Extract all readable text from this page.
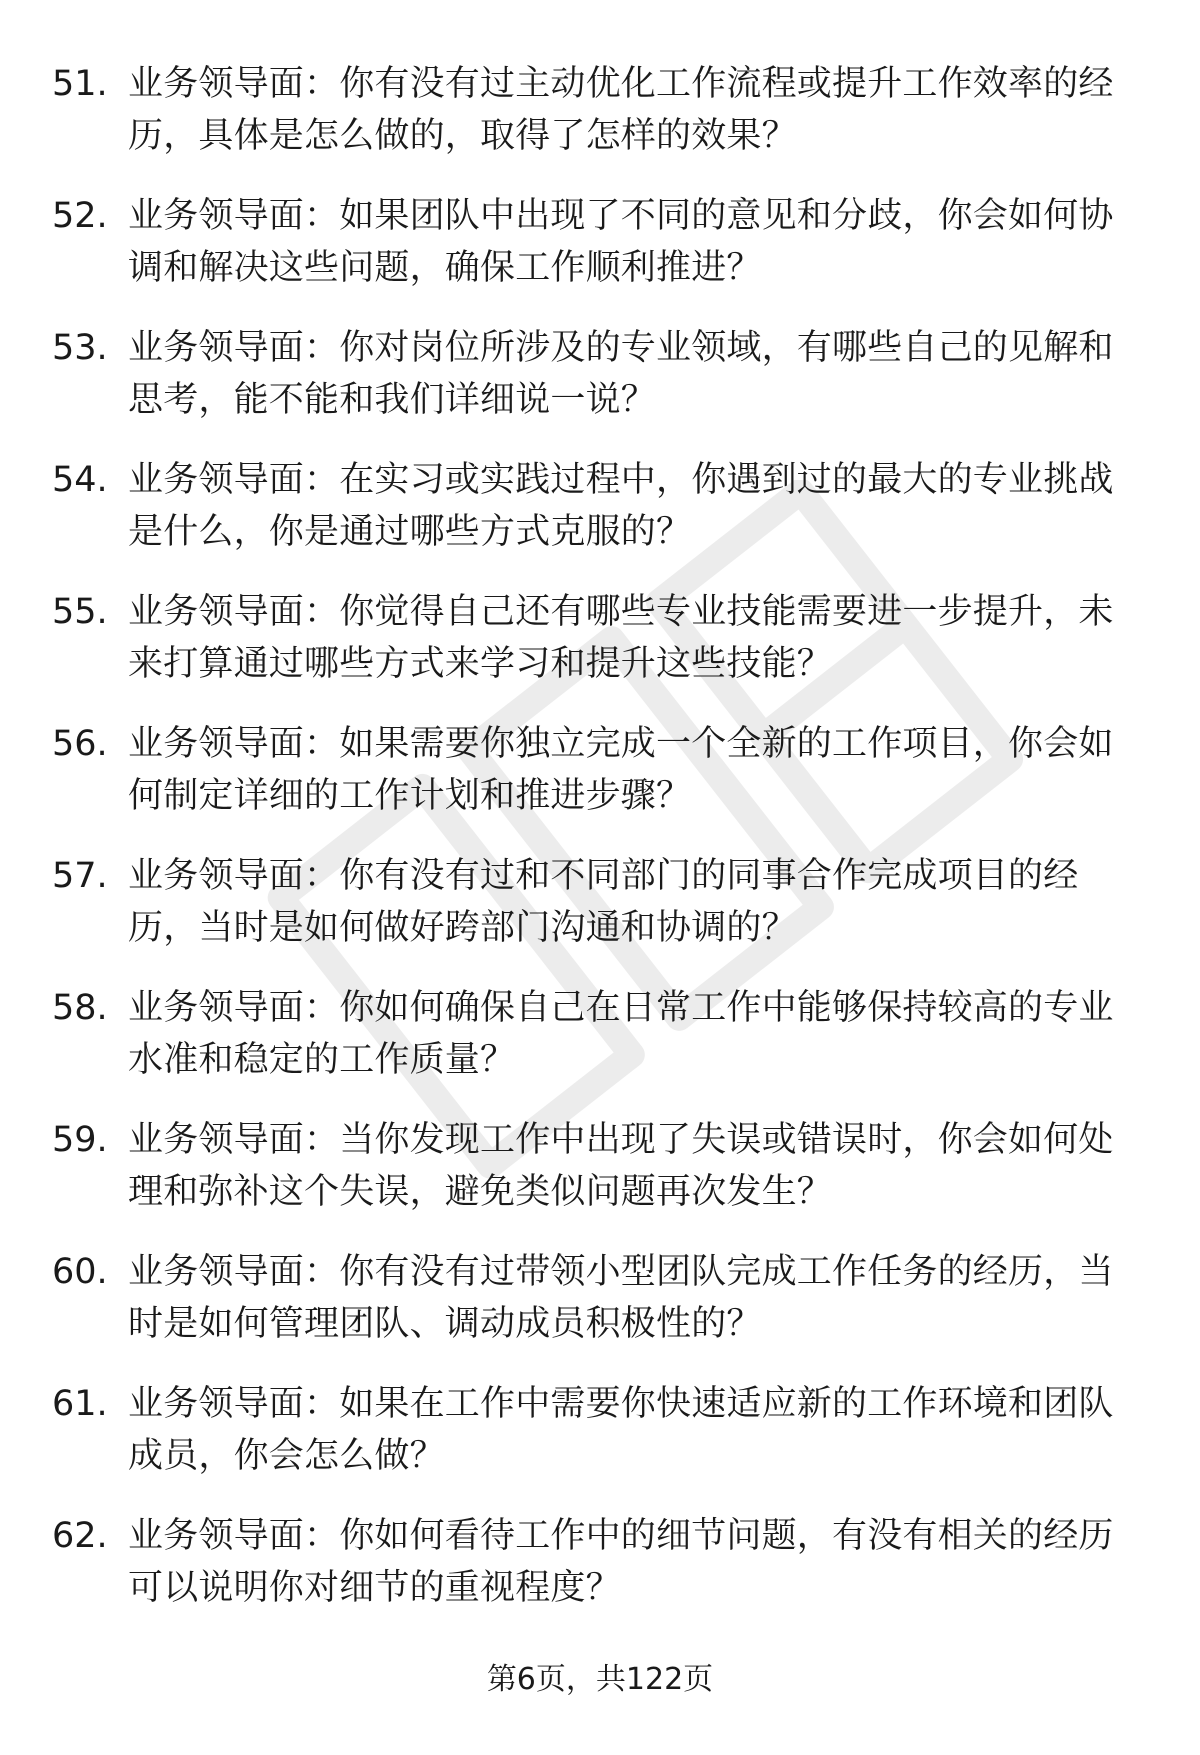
51. 业务领导面：你有没有过主动优化工作流程或提升工作效率的经历，具体是怎么做的，取得了怎样的效果？
52. 业务领导面：如果团队中出现了不同的意见和分歧，你会如何协调和解决这些问题，确保工作顺利推进？
53. 业务领导面：你对岗位所涉及的专业领域，有哪些自己的见解和思考，能不能和我们详细说一说？
54. 业务领导面：在实习或实践过程中，你遇到过的最大的专业挑战是什么，你是通过哪些方式克服的？
55. 业务领导面：你觉得自己还有哪些专业技能需要进一步提升，未来打算通过哪些方式来学习和提升这些技能？
56. 业务领导面：如果需要你独立完成一个全新的工作项目，你会如何制定详细的工作计划和推进步骤？
57. 业务领导面：你有没有过和不同部门的同事合作完成项目的经历，当时是如何做好跨部门沟通和协调的？
58. 业务领导面：你如何确保自己在日常工作中能够保持较高的专业水准和稳定的工作质量？
59. 业务领导面：当你发现工作中出现了失误或错误时，你会如何处理和弥补这个失误，避免类似问题再次发生？
60. 业务领导面：你有没有过带领小型团队完成工作任务的经历，当时是如何管理团队、调动成员积极性的？
61. 业务领导面：如果在工作中需要你快速适应新的工作环境和团队成员，你会怎么做？
62. 业务领导面：你如何看待工作中的细节问题，有没有相关的经历可以说明你对细节的重视程度？
第6页，共122页
